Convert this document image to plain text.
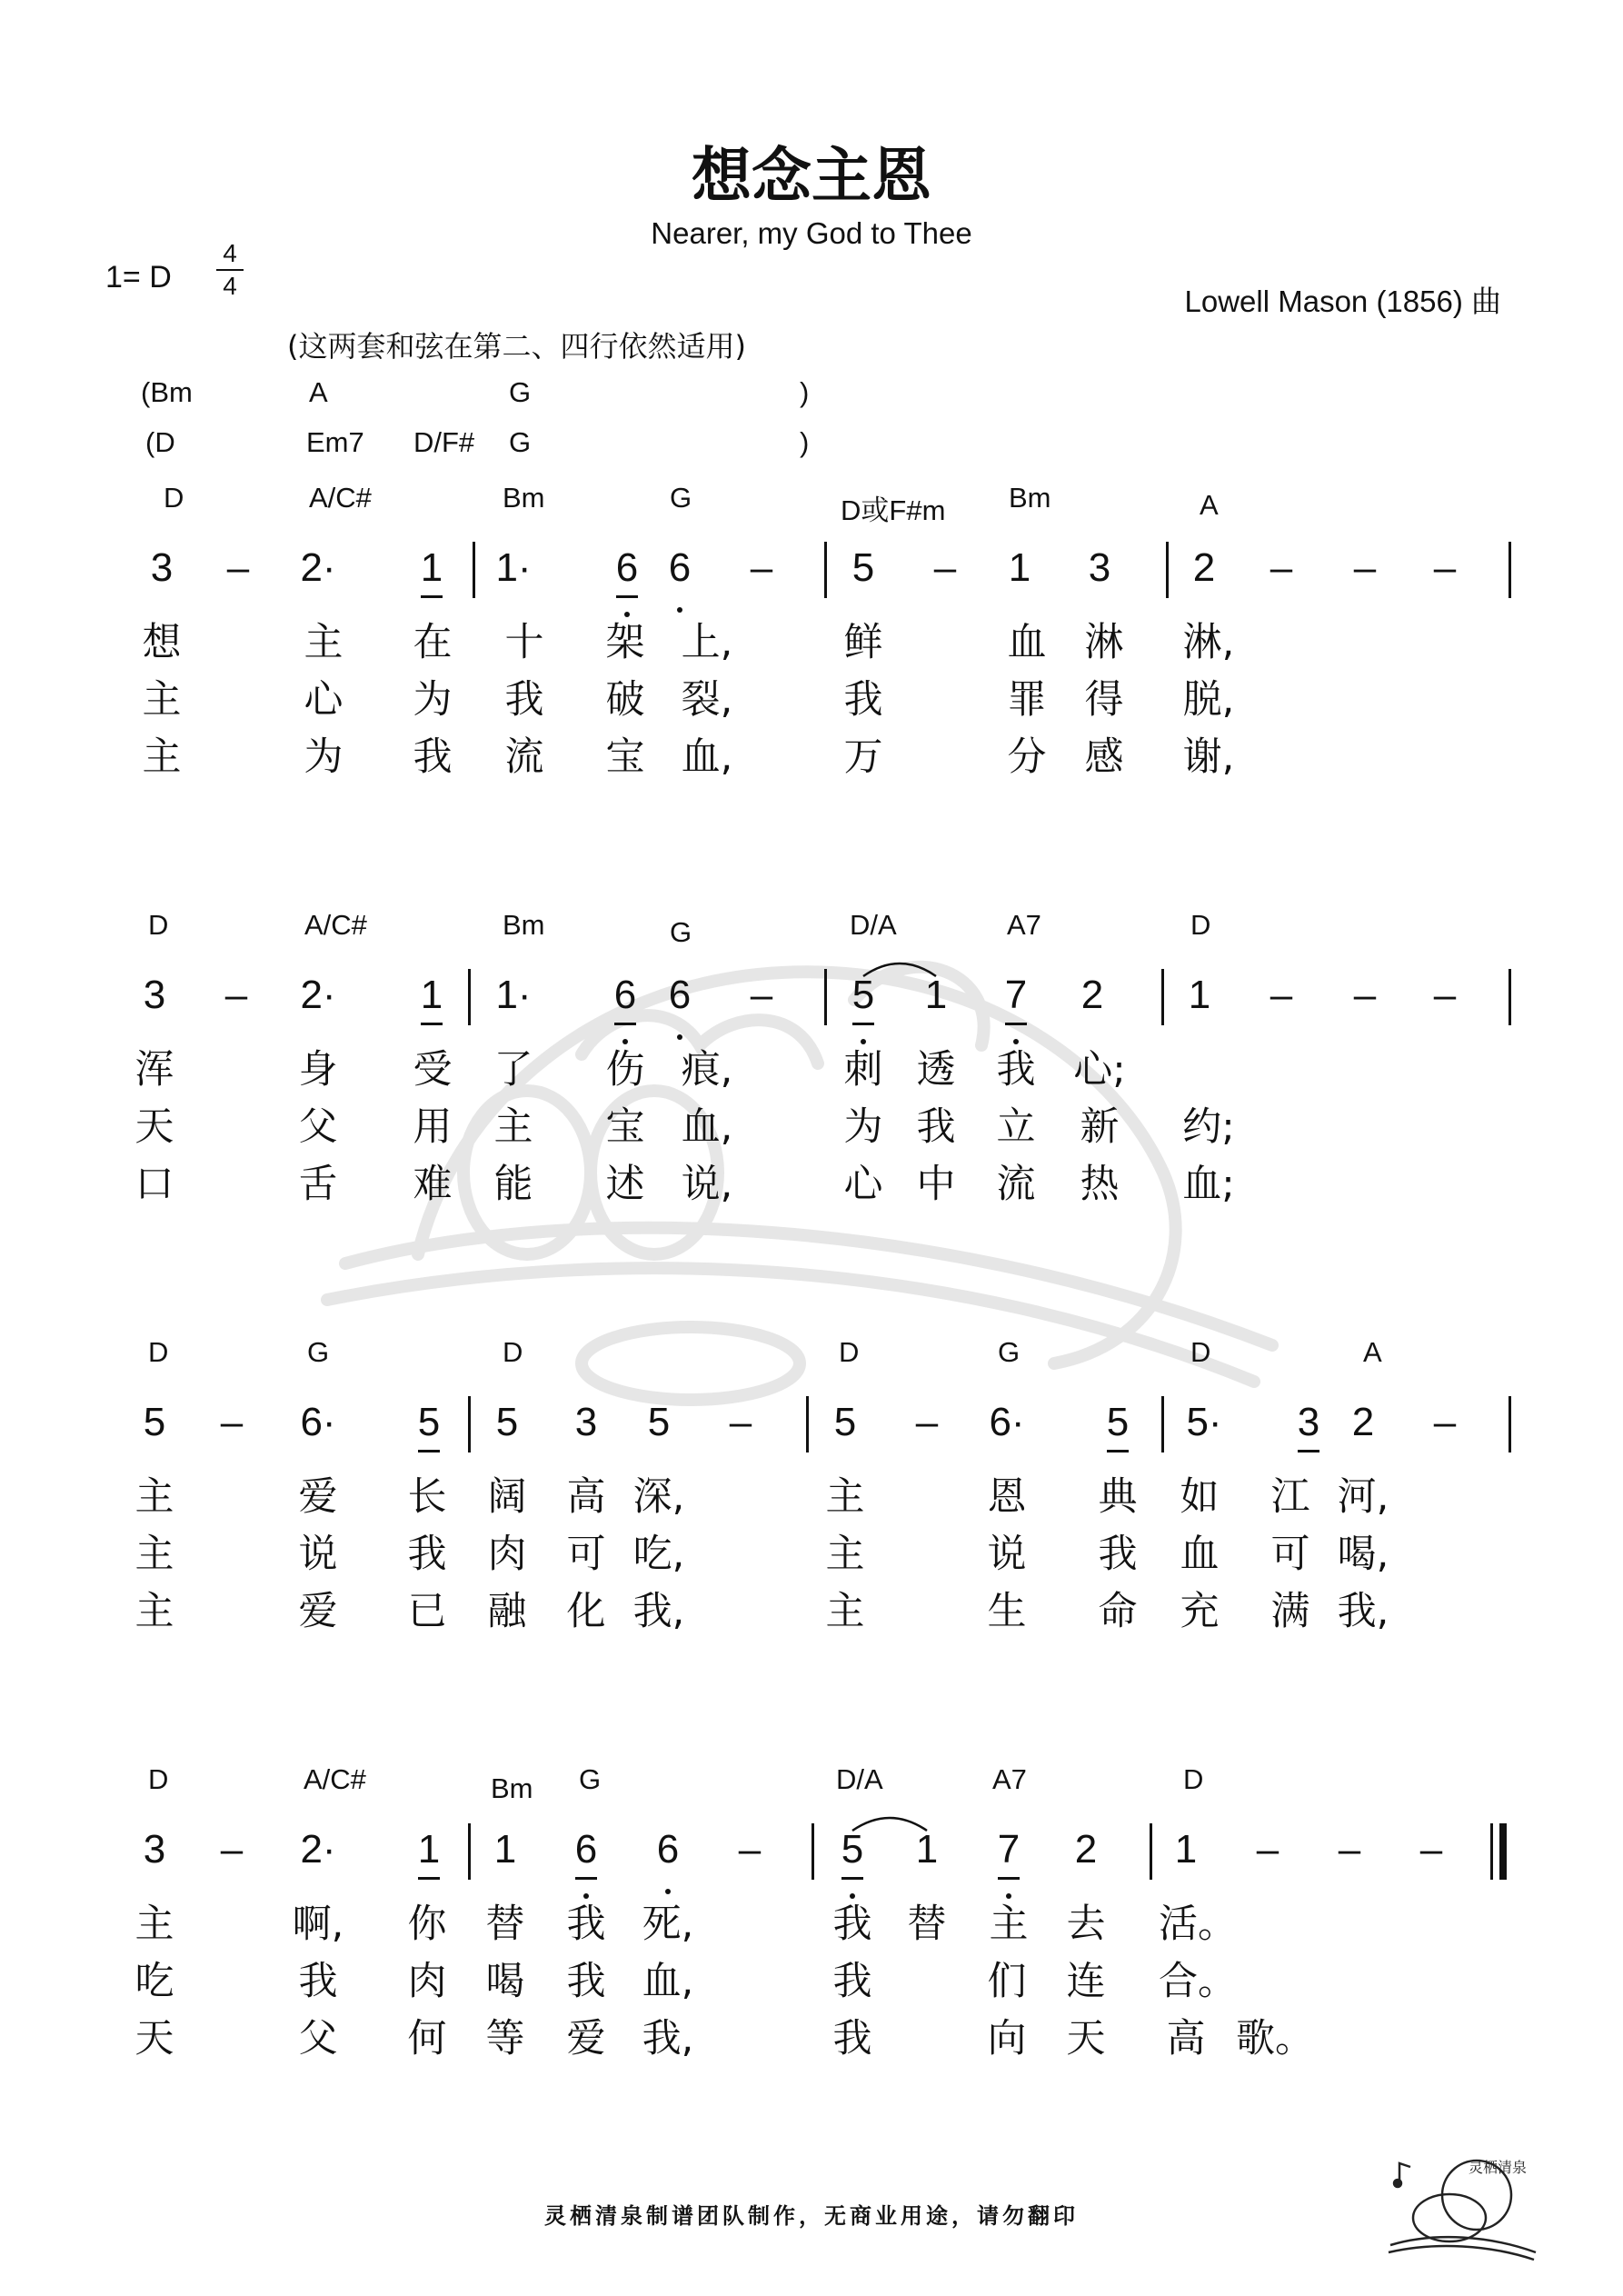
想念主恩
Nearer, my God to Thee
1= D
4
4	Lowell Mason (1856) 曲
(这两套和弦在第二、四行依然适用)
(Bm	A	G	)
(D	Em7 D/F# G	)
D	A/C#	Bm	G	D或F#m Bm	A
3 – 2· 1 1· 6 6 – 5 – 1 3 2 – – –
想	主 在 十 架 上,	鲜	血 淋 淋,
主	心 为 我 破 裂,	我	罪 得 脱,
主	为 我 流 宝 血,	万	分 感 谢,
D	A/C#	Bm	G	D/A	A7	D
3 – 2· 1 1· 6 6 – 5 1 7 2 1 – – –
浑	身 受 了 伤 痕,	刺 透 我 心;
天	父 用 主 宝 血,	为 我 立 新 约;
口	舌 难 能 述 说,	心 中 流 热 血;
D	G	D	D	G	D	A
5 – 6· 5 5 3 5 – 5 – 6· 5 5· 3 2 –
主	爱 长 阔 高 深,	主	恩 典 如 江 河,
主	说 我 肉 可 吃,	主	说 我 血 可 喝,
主	爱 已 融 化 我,	主	生 命 充 满 我,
D	A/C#	Bm G	D/A	A7	D
3 – 2· 1 1 6 6 – 5 1 7 2 1 – – –
主	啊, 你 替 我 死,	我 替 主 去 活。
吃	我 肉 喝 我 血,	我	们 连 合。
天	父 何 等 爱 我,	我	向 天 高 歌。
灵栖清泉制谱团队制作，无商业用途，请勿翻印
灵栖清泉
